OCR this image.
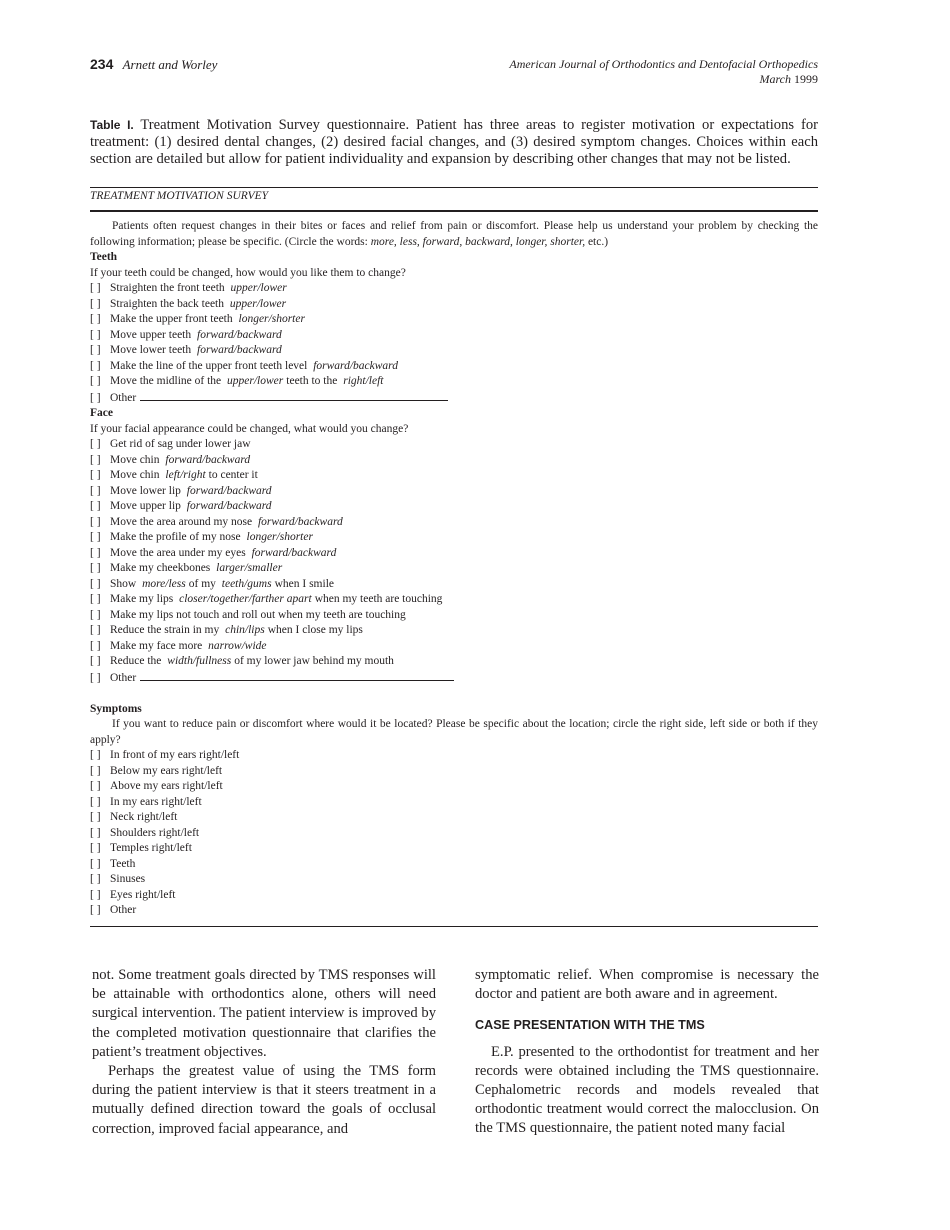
234 Arnett and Worley	American Journal of Orthodontics and Dentofacial Orthopedics
March 1999
Table I. Treatment Motivation Survey questionnaire. Patient has three areas to register motivation or expectations for treatment: (1) desired dental changes, (2) desired facial changes, and (3) desired symptom changes. Choices within each section are detailed but allow for patient individuality and expansion by describing other changes that may not be listed.
TREATMENT MOTIVATION SURVEY

Patients often request changes in their bites or faces and relief from pain or discomfort. Please help us understand your problem by checking the following information; please be specific. (Circle the words: more, less, forward, backward, longer, shorter, etc.)

Teeth

If your teeth could be changed, how would you like them to change?

[ ] Straighten the front teeth upper/lower

[ ] Straighten the back teeth upper/lower

[ ] Make the upper front teeth longer/shorter

[ ] Move upper teeth forward/backward

[ ] Move lower teeth forward/backward

[ ] Make the line of the upper front teeth level forward/backward

[ ] Move the midline of the upper/lower teeth to the right/left

[ ] Other

Face

If your facial appearance could be changed, what would you change?

[ ] Get rid of sag under lower jaw

[ ] Move chin forward/backward

[ ] Move chin left/right to center it

[ ] Move lower lip forward/backward

[ ] Move upper lip forward/backward

[ ] Move the area around my nose forward/backward

[ ] Make the profile of my nose longer/shorter

[ ] Move the area under my eyes forward/backward

[ ] Make my cheekbones larger/smaller

[ ] Show more/less of my teeth/gums when I smile

[ ] Make my lips closer/together/farther apart when my teeth are touching

[ ] Make my lips not touch and roll out when my teeth are touching

[ ] Reduce the strain in my chin/lips when I close my lips

[ ] Make my face more narrow/wide

[ ] Reduce the width/fullness of my lower jaw behind my mouth

[ ] Other

Symptoms

If you want to reduce pain or discomfort where would it be located? Please be specific about the location; circle the right side, left side or both if they apply?

[ ] In front of my ears right/left

[ ] Below my ears right/left

[ ] Above my ears right/left

[ ] In my ears right/left

[ ] Neck right/left

[ ] Shoulders right/left

[ ] Temples right/left

[ ] Teeth

[ ] Sinuses

[ ] Eyes right/left

[ ] Other

not. Some treatment goals directed by TMS responses will be attainable with orthodontics alone, others will need surgical intervention. The patient interview is improved by the completed motivation questionnaire that clarifies the patient’s treatment objectives.

Perhaps the greatest value of using the TMS form during the patient interview is that it steers treatment in a mutually defined direction toward the goals of occlusal correction, improved facial appearance, and

symptomatic relief. When compromise is necessary the doctor and patient are both aware and in agreement.

CASE PRESENTATION WITH THE TMS

E.P. presented to the orthodontist for treatment and her records were obtained including the TMS questionnaire. Cephalometric records and models revealed that orthodontic treatment would correct the malocclusion. On the TMS questionnaire, the patient noted many facial
